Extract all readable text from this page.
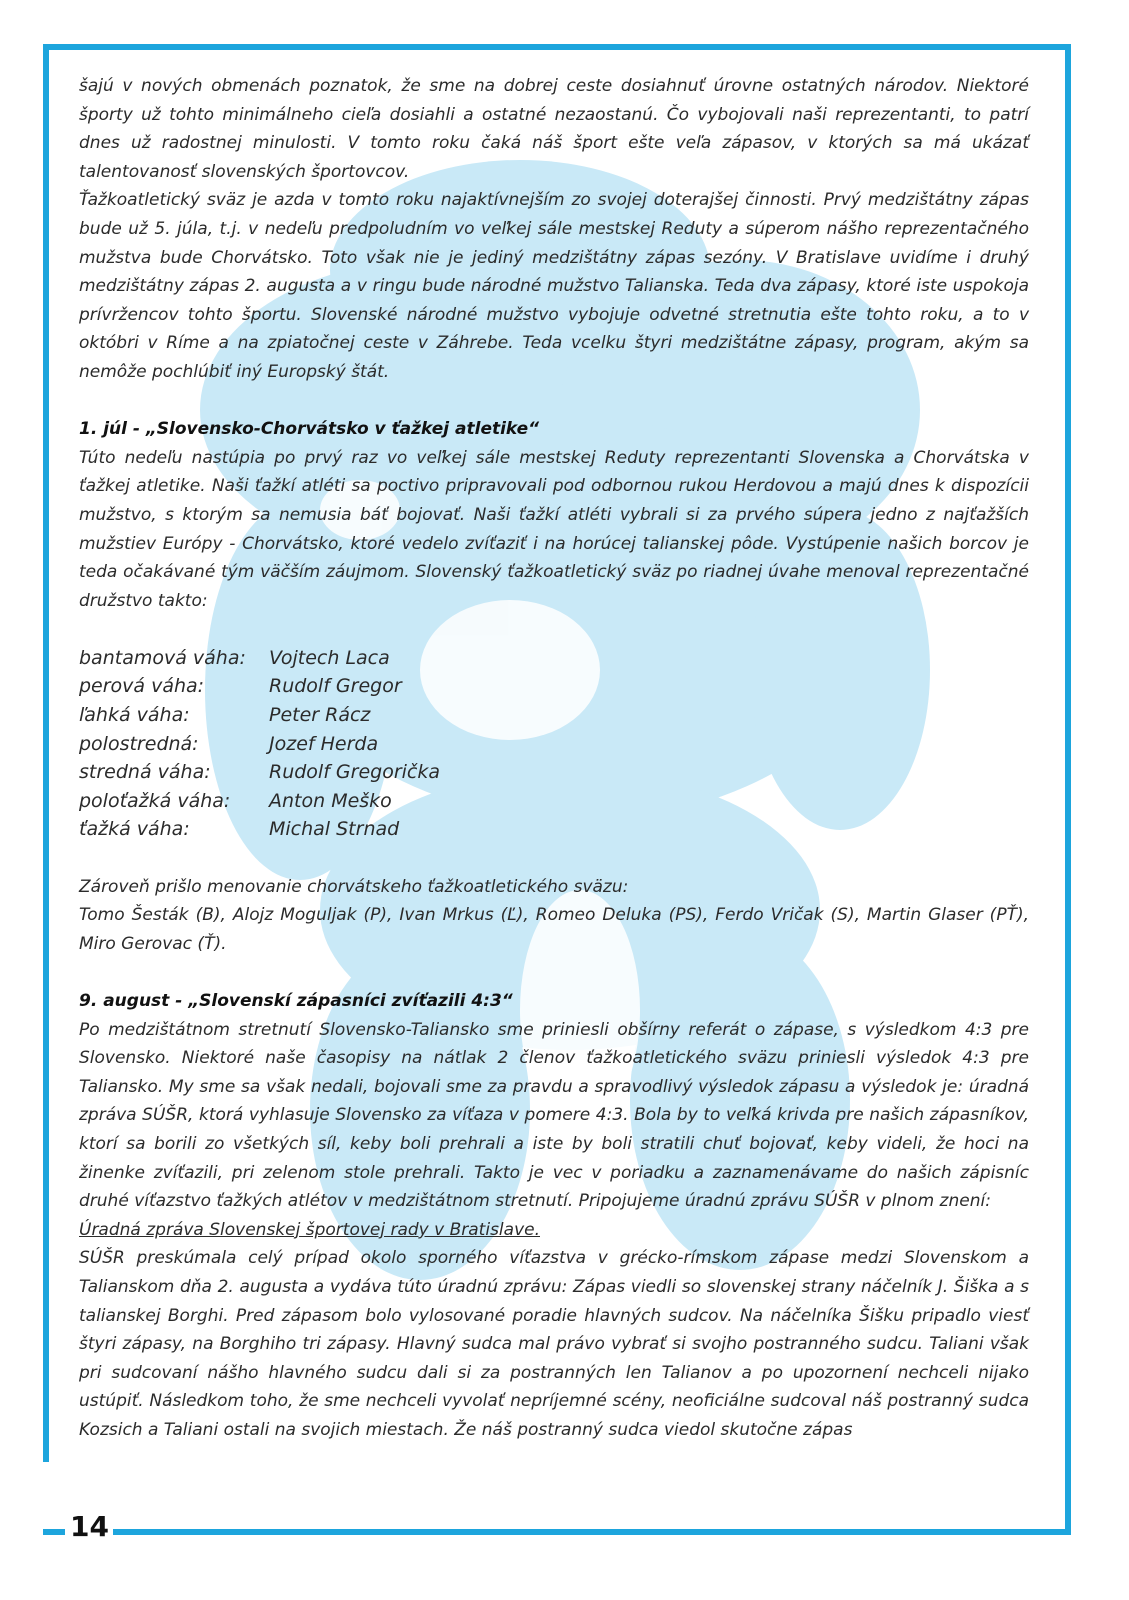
šajú v nových obmenách poznatok, že sme na dobrej ceste dosiahnuť úrovne ostatných národov. Niektoré športy už tohto minimálneho cieľa dosiahli a ostatné nezaostanú. Čo vybojovali naši reprezentanti, to patrí dnes už radostnej minulosti. V tomto roku čaká náš šport ešte veľa zápasov, v ktorých sa má ukázať talentovanosť slovenských športovcov.

Ťažkoatletický sväz je azda v tomto roku najaktívnejším zo svojej doterajšej činnosti. Prvý medzištátny zápas bude už 5. júla, t.j. v nedeľu predpoludním vo veľkej sále mestskej Reduty a súperom nášho reprezentačného mužstva bude Chorvátsko. Toto však nie je jediný medzištátny zápas sezóny. V Bratislave uvidíme i druhý medzištátny zápas 2. augusta a v ringu bude národné mužstvo Talianska. Teda dva zápasy, ktoré iste uspokoja prívržencov tohto športu. Slovenské národné mužstvo vybojuje odvetné stretnutia ešte tohto roku, a to v októbri v Ríme a na zpiatočnej ceste v Záhrebe. Teda vcelku štyri medzištátne zápasy, program, akým sa nemôže pochlúbiť iný Europský štát.

1. júl - „Slovensko-Chorvátsko v ťažkej atletike“

Túto nedeľu nastúpia po prvý raz vo veľkej sále mestskej Reduty reprezentanti Slovenska a Chorvátska v ťažkej atletike. Naši ťažkí atléti sa poctivo pripravovali pod odbornou rukou Herdovou a majú dnes k dispozícii mužstvo, s ktorým sa nemusia báť bojovať. Naši ťažkí atléti vybrali si za prvého súpera jedno z najťažších mužstiev Európy - Chorvátsko, ktoré vedelo zvíťaziť i na horúcej talianskej pôde. Vystúpenie našich borcov je teda očakávané tým väčším záujmom. Slovenský ťažkoatletický sväz po riadnej úvahe menoval reprezentačné družstvo takto:

bantamová váha:	Vojtech Laca
perová váha:	Rudolf Gregor
ľahká váha:	Peter Rácz
polostredná:	Jozef Herda
stredná váha:	Rudolf Gregorička
poloťažká váha:	Anton Meško
ťažká váha:	Michal Strnad

Zároveň prišlo menovanie chorvátskeho ťažkoatletického sväzu:

Tomo Šesták (B), Alojz Moguljak (P), Ivan Mrkus (Ľ), Romeo Deluka (PS), Ferdo Vričak (S), Martin Glaser (PŤ), Miro Gerovac (Ť).

9. august - „Slovenskí zápasníci zvíťazili 4:3“

Po medzištátnom stretnutí Slovensko-Taliansko sme priniesli obšírny referát o zápase, s výsledkom 4:3 pre Slovensko. Niektoré naše časopisy na nátlak 2 členov ťažkoatletického sväzu priniesli výsledok 4:3 pre Taliansko. My sme sa však nedali, bojovali sme za pravdu a spravodlivý výsledok zápasu a výsledok je: úradná zpráva SÚŠR, ktorá vyhlasuje Slovensko za víťaza v pomere 4:3. Bola by to veľká krivda pre našich zápasníkov, ktorí sa borili zo všetkých síl, keby boli prehrali a iste by boli stratili chuť bojovať, keby videli, že hoci na žinenke zvíťazili, pri zelenom stole prehrali. Takto je vec v poriadku a zaznamenávame do našich zápisníc druhé víťazstvo ťažkých atlétov v medzištátnom stretnutí. Pripojujeme úradnú zprávu SÚŠR v plnom znení:

Úradná zpráva Slovenskej športovej rady v Bratislave.

SÚŠR preskúmala celý prípad okolo sporného víťazstva v grécko-rímskom zápase medzi Slovenskom a Talianskom dňa 2. augusta a vydáva túto úradnú zprávu: Zápas viedli so slovenskej strany náčelník J. Šiška a s talianskej Borghi. Pred zápasom bolo vylosované poradie hlavných sudcov. Na náčelníka Šišku pripadlo viesť štyri zápasy, na Borghiho tri zápasy. Hlavný sudca mal právo vybrať si svojho postranného sudcu. Taliani však pri sudcovaní nášho hlavného sudcu dali si za postranných len Talianov a po upozornení nechceli nijako ustúpiť. Následkom toho, že sme nechceli vyvolať nepríjemné scény, neoficiálne sudcoval náš postranný sudca Kozsich a Taliani ostali na svojich miestach. Že náš postranný sudca viedol skutočne zápas

14
